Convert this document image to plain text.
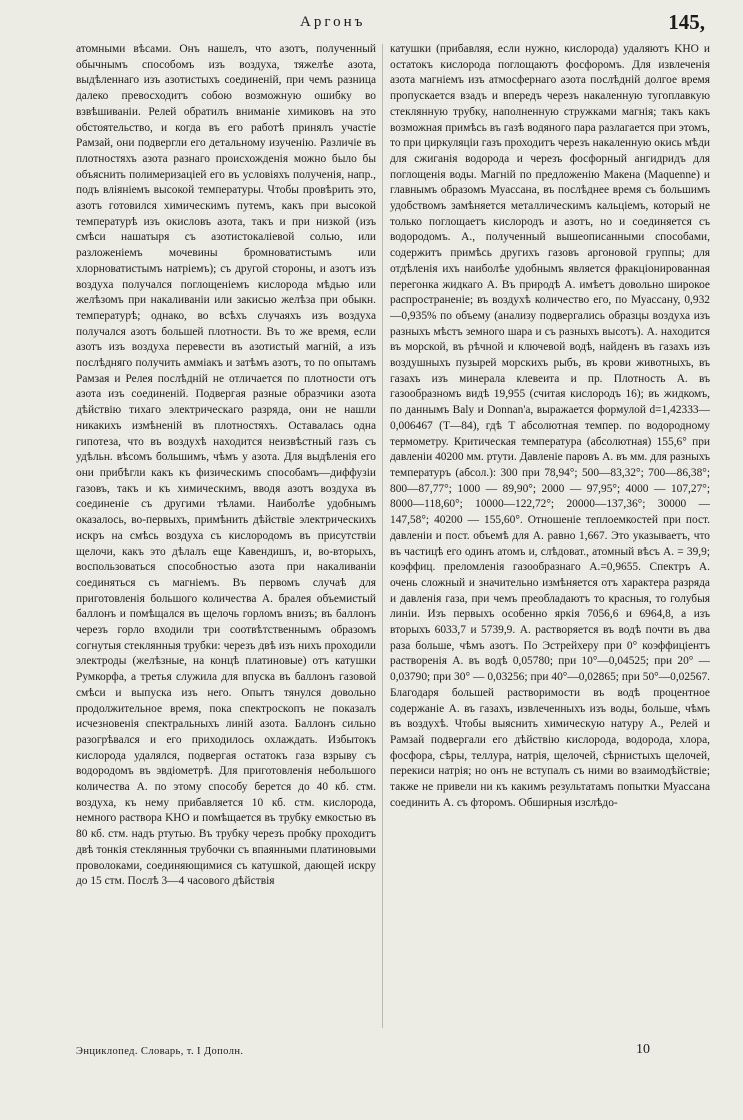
Аргонъ	145,

атомными вѣсами. Онъ нашелъ, что азотъ, полученный обычнымъ способомъ изъ воздуха, тяжелѣе азота, выдѣленнаго изъ азотистыхъ соединеній, при чемъ разница далеко превосходитъ собою возможную ошибку во взвѣшиваніи. Релей обратилъ вниманіе химиковъ на это обстоятельство, и когда въ его работѣ принялъ участіе Рамзай, они подвергли его детальному изученію. Различіе въ плотностяхъ азота разнаго происхожденія можно было бы объяснить полимеризаціей его въ условіяхъ полученія, напр., подъ вліяніемъ высокой температуры. Чтобы провѣрить это, азотъ готовился химическимъ путемъ, какъ при высокой температурѣ изъ окисловъ азота, такъ и при низкой (изъ смѣси нашатыря съ азотистокаліевой солью, или разложеніемъ мочевины бромноватистымъ или хлорноватистымъ натріемъ); съ другой стороны, и азотъ изъ воздуха получался поглощеніемъ кислорода мѣдью или желѣзомъ при накаливаніи или закисью желѣза при обыкн. температурѣ; однако, во всѣхъ случаяхъ изъ воздуха получался азотъ большей плотности. Въ то же время, если азотъ изъ воздуха перевести въ азотистый магній, а изъ послѣдняго получить аммiакъ и затѣмъ азотъ, то по опытамъ Рамзая и Релея послѣдній не отличается по плотности отъ азота изъ соединеній. Подвергая разные образчики азота дѣйствію тихаго электрическаго разряда, они не нашли никакихъ измѣненій въ плотностяхъ. Оставалась одна гипотеза, что въ воздухѣ находится неизвѣстный газъ съ удѣльн. вѣсомъ большимъ, чѣмъ у азота. Для выдѣленія его они прибѣгли какъ къ физическимъ способамъ—диффузіи газовъ, такъ и къ химическимъ, вводя азотъ воздуха въ соединеніе съ другими тѣлами. Наиболѣе удобнымъ оказалось, во-первыхъ, примѣнить дѣйствіе электрическихъ искръ на смѣсь воздуха съ кислородомъ въ присутствіи щелочи, какъ это дѣлалъ еще Кавендишъ, и, во-вторыхъ, воспользоваться способностью азота при накаливаніи соединяться съ магніемъ. Въ первомъ случаѣ для приготовленія большого количества А. бралея объемистый баллонъ и помѣщался въ щелочь горломъ внизъ; въ баллонъ черезъ горло входили три соотвѣтственнымъ образомъ согнутыя стеклянныя трубки: черезъ двѣ изъ нихъ проходили электроды (желѣзные, на концѣ платиновые) отъ катушки Румкорфа, а третья служила для впуска въ баллонъ газовой смѣси и выпуска изъ него. Опытъ тянулся довольно продолжительное время, пока спектроскопъ не показалъ исчезновенія спектральныхъ линій азота. Баллонъ сильно разогрѣвался и его приходилось охлаждать. Избытокъ кислорода удалялся, подвергая остатокъ газа взрыву съ водородомъ въ эвдіометрѣ. Для приготовленія небольшого количества А. по этому способу берется до 40 кб. стм. воздуха, къ нему прибавляется 10 кб. стм. кислорода, немного раствора KHO и помѣщается въ трубку емкостью въ 80 кб. стм. надъ ртутью. Въ трубку черезъ пробку проходитъ двѣ тонкія стеклянныя трубочки съ впаянными платиновыми проволоками, соединяющимися съ катушкой, дающей искру до 15 стм. Послѣ 3—4 часового дѣйствія

катушки (прибавляя, если нужно, кислорода) удаляютъ KHO и остатокъ кислорода поглощаютъ фосфоромъ. Для извлеченія азота магніемъ изъ атмосфернаго азота послѣдній долгое время пропускается взадъ и впередъ черезъ накаленную тугоплавкую стеклянную трубку, наполненную стружками магнія; такъ какъ возможная примѣсь въ газѣ водяного пара разлагается при этомъ, то при циркуляціи газъ проходитъ черезъ накаленную окись мѣди для сжиганія водорода и черезъ фосфорный ангидридъ для поглощенія воды. Магній по предложенію Макена (Maquenne) и главнымъ образомъ Муассана, въ послѣднее время съ большимъ удобствомъ замѣняется металлическимъ кальціемъ, который не только поглощаетъ кислородъ и азотъ, но и соединяется съ водородомъ. А., полученный вышеописанными способами, содержитъ примѣсь другихъ газовъ аргоновой группы; для отдѣленія ихъ наиболѣе удобнымъ является фракціонированная перегонка жидкаго А. Въ природѣ А. имѣетъ довольно широкое распространеніе; въ воздухѣ количество его, по Муассану, 0,932—0,935% по объему (анализу подвергались образцы воздуха изъ разныхъ мѣстъ земного шара и съ разныхъ высотъ). А. находится въ морской, въ рѣчной и ключевой водѣ, найденъ въ газахъ изъ воздушныхъ пузырей морскихъ рыбъ, въ крови животныхъ, въ газахъ изъ минерала клевеита и пр. Плотность А. въ газообразномъ видѣ 19,955 (считая кислородъ 16); въ жидкомъ, по даннымъ Baly и Donnan'a, выражается формулой d=1,42333—0,006467 (T—84), гдѣ T абсолютная темпер. по водородному термометру. Критическая температура (абсолютная) 155,6° при давленіи 40200 мм. ртути. Давленіе паровъ А. въ мм. для разныхъ температуръ (абсол.): 300 при 78,94°; 500—83,32°; 700—86,38°; 800—87,77°; 1000 — 89,90°; 2000 — 97,95°; 4000 — 107,27°; 8000—118,60°; 10000—122,72°; 20000—137,36°; 30000 — 147,58°; 40200 — 155,60°. Отношеніе теплоемкостей при пост. давленіи и пост. объемѣ для А. равно 1,667. Это указываетъ, что въ частицѣ его одинъ атомъ и, слѣдоват., атомный вѣсъ А. = 39,9; коэффиц. преломленія газообразнаго А.=0,9655. Спектръ А. очень сложный и значительно измѣняется отъ характера разряда и давленія газа, при чемъ преобладаютъ то красныя, то голубыя линіи. Изъ первыхъ особенно яркія 7056,6 и 6964,8, а изъ вторыхъ 6033,7 и 5739,9. А. растворяется въ водѣ почти въ два раза больше, чѣмъ азотъ. По Эстрейхеру при 0° коэффиціентъ растворенія А. въ водѣ 0,05780; при 10°—0,04525; при 20° — 0,03790; при 30° — 0,03256; при 40°—0,02865; при 50°—0,02567. Благодаря большей растворимости въ водѣ процентное содержаніе А. въ газахъ, извлеченныхъ изъ воды, больше, чѣмъ въ воздухѣ. Чтобы выяснить химическую натуру А., Релей и Рамзай подвергали его дѣйствію кислорода, водорода, хлора, фосфора, сѣры, теллура, натрія, щелочей, сѣрнистыхъ щелочей, перекиси натрія; но онъ не вступалъ съ ними во взаимодѣйствіе; также не привели ни къ какимъ результатамъ попытки Муассана соединить А. съ фторомъ. Обширныя изслѣдо-

Энциклопед. Словарь, т. I Дополн.	10
